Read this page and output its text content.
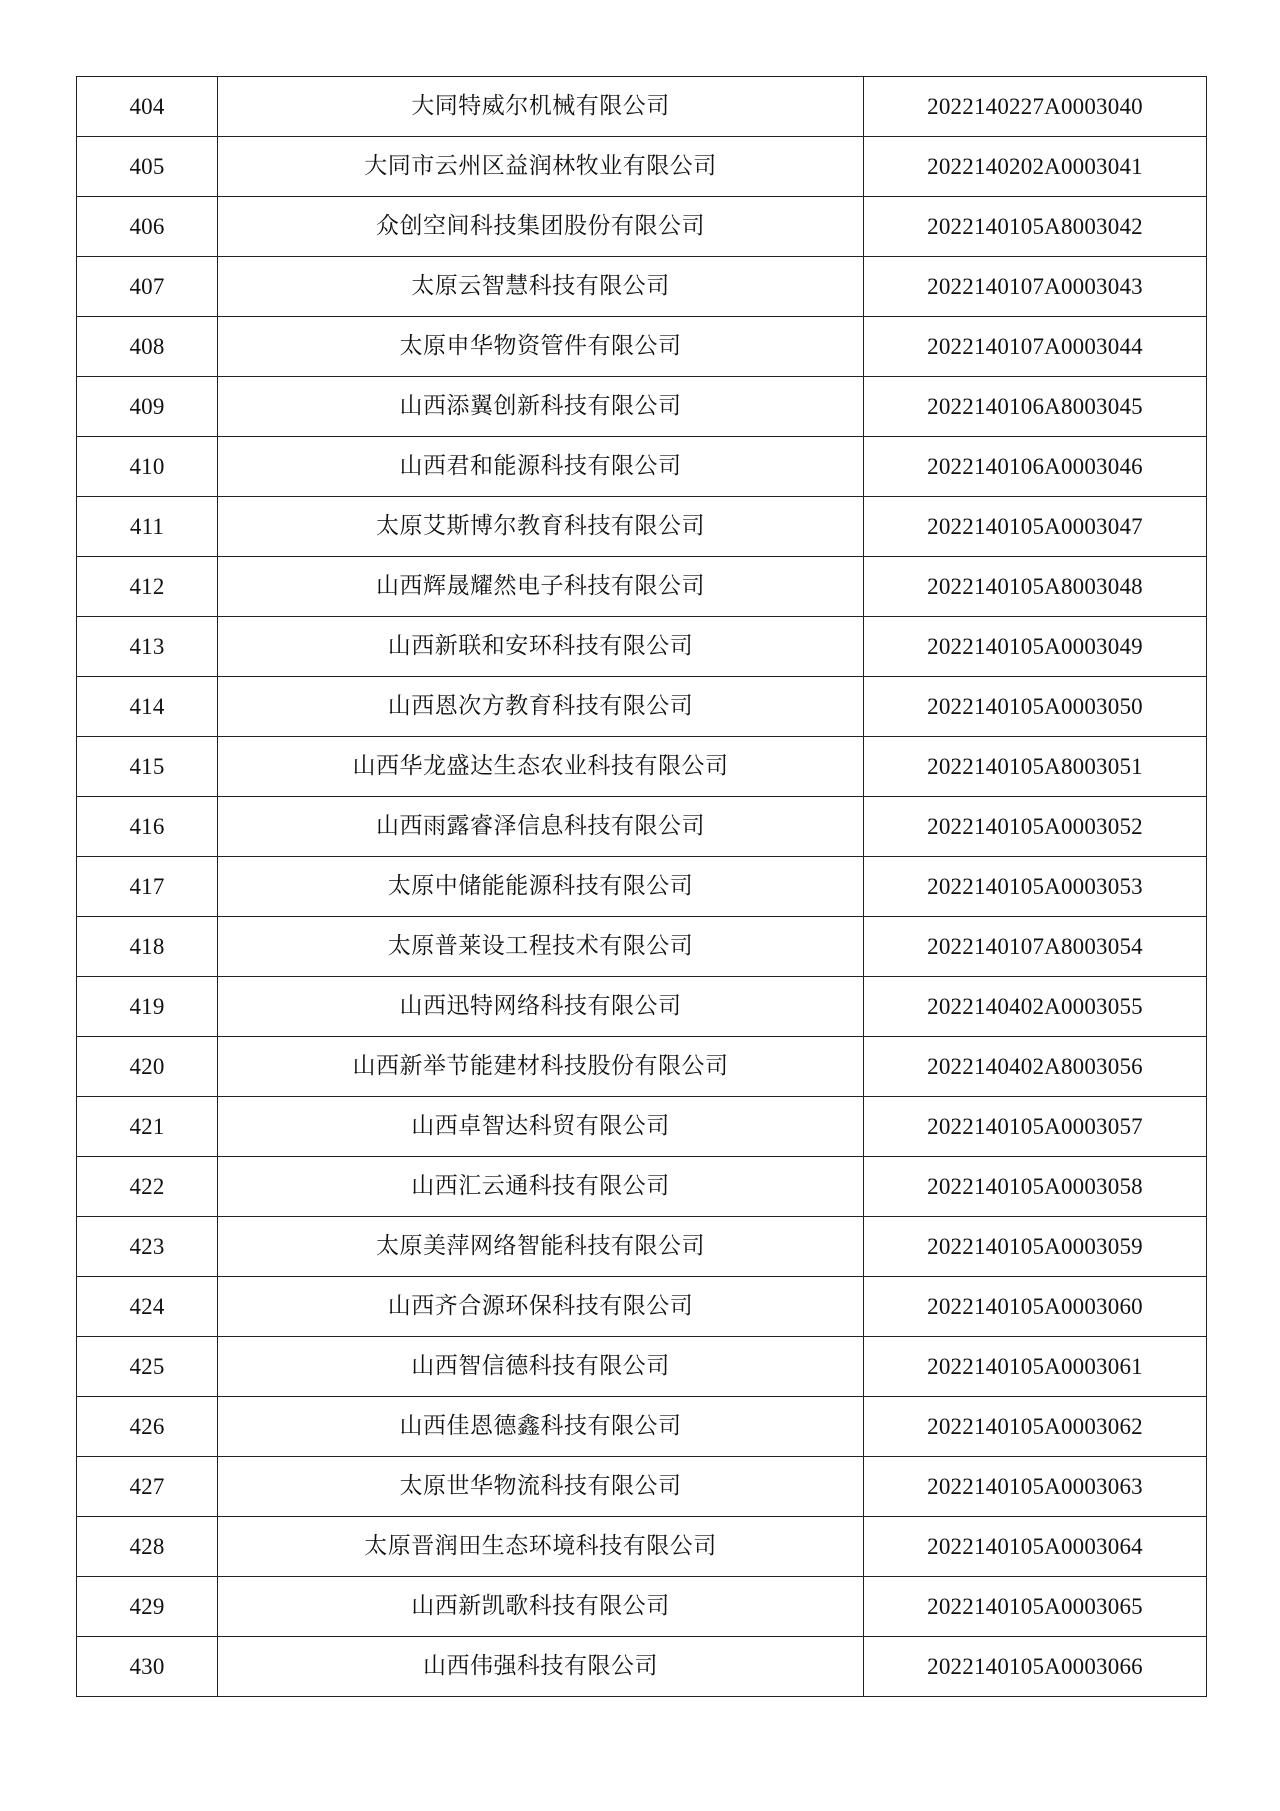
404	大同特威尔机械有限公司	2022140227A0003040
405	大同市云州区益润林牧业有限公司	2022140202A0003041
406	众创空间科技集团股份有限公司	2022140105A8003042
407	太原云智慧科技有限公司	2022140107A0003043
408	太原申华物资管件有限公司	2022140107A0003044
409	山西添翼创新科技有限公司	2022140106A8003045
410	山西君和能源科技有限公司	2022140106A0003046
411	太原艾斯博尔教育科技有限公司	2022140105A0003047
412	山西辉晟耀然电子科技有限公司	2022140105A8003048
413	山西新联和安环科技有限公司	2022140105A0003049
414	山西恩次方教育科技有限公司	2022140105A0003050
415	山西华龙盛达生态农业科技有限公司	2022140105A8003051
416	山西雨露睿泽信息科技有限公司	2022140105A0003052
417	太原中储能能源科技有限公司	2022140105A0003053
418	太原普莱设工程技术有限公司	2022140107A8003054
419	山西迅特网络科技有限公司	2022140402A0003055
420	山西新举节能建材科技股份有限公司	2022140402A8003056
421	山西卓智达科贸有限公司	2022140105A0003057
422	山西汇云通科技有限公司	2022140105A0003058
423	太原美萍网络智能科技有限公司	2022140105A0003059
424	山西齐合源环保科技有限公司	2022140105A0003060
425	山西智信德科技有限公司	2022140105A0003061
426	山西佳恩德鑫科技有限公司	2022140105A0003062
427	太原世华物流科技有限公司	2022140105A0003063
428	太原晋润田生态环境科技有限公司	2022140105A0003064
429	山西新凯歌科技有限公司	2022140105A0003065
430	山西伟强科技有限公司	2022140105A0003066
